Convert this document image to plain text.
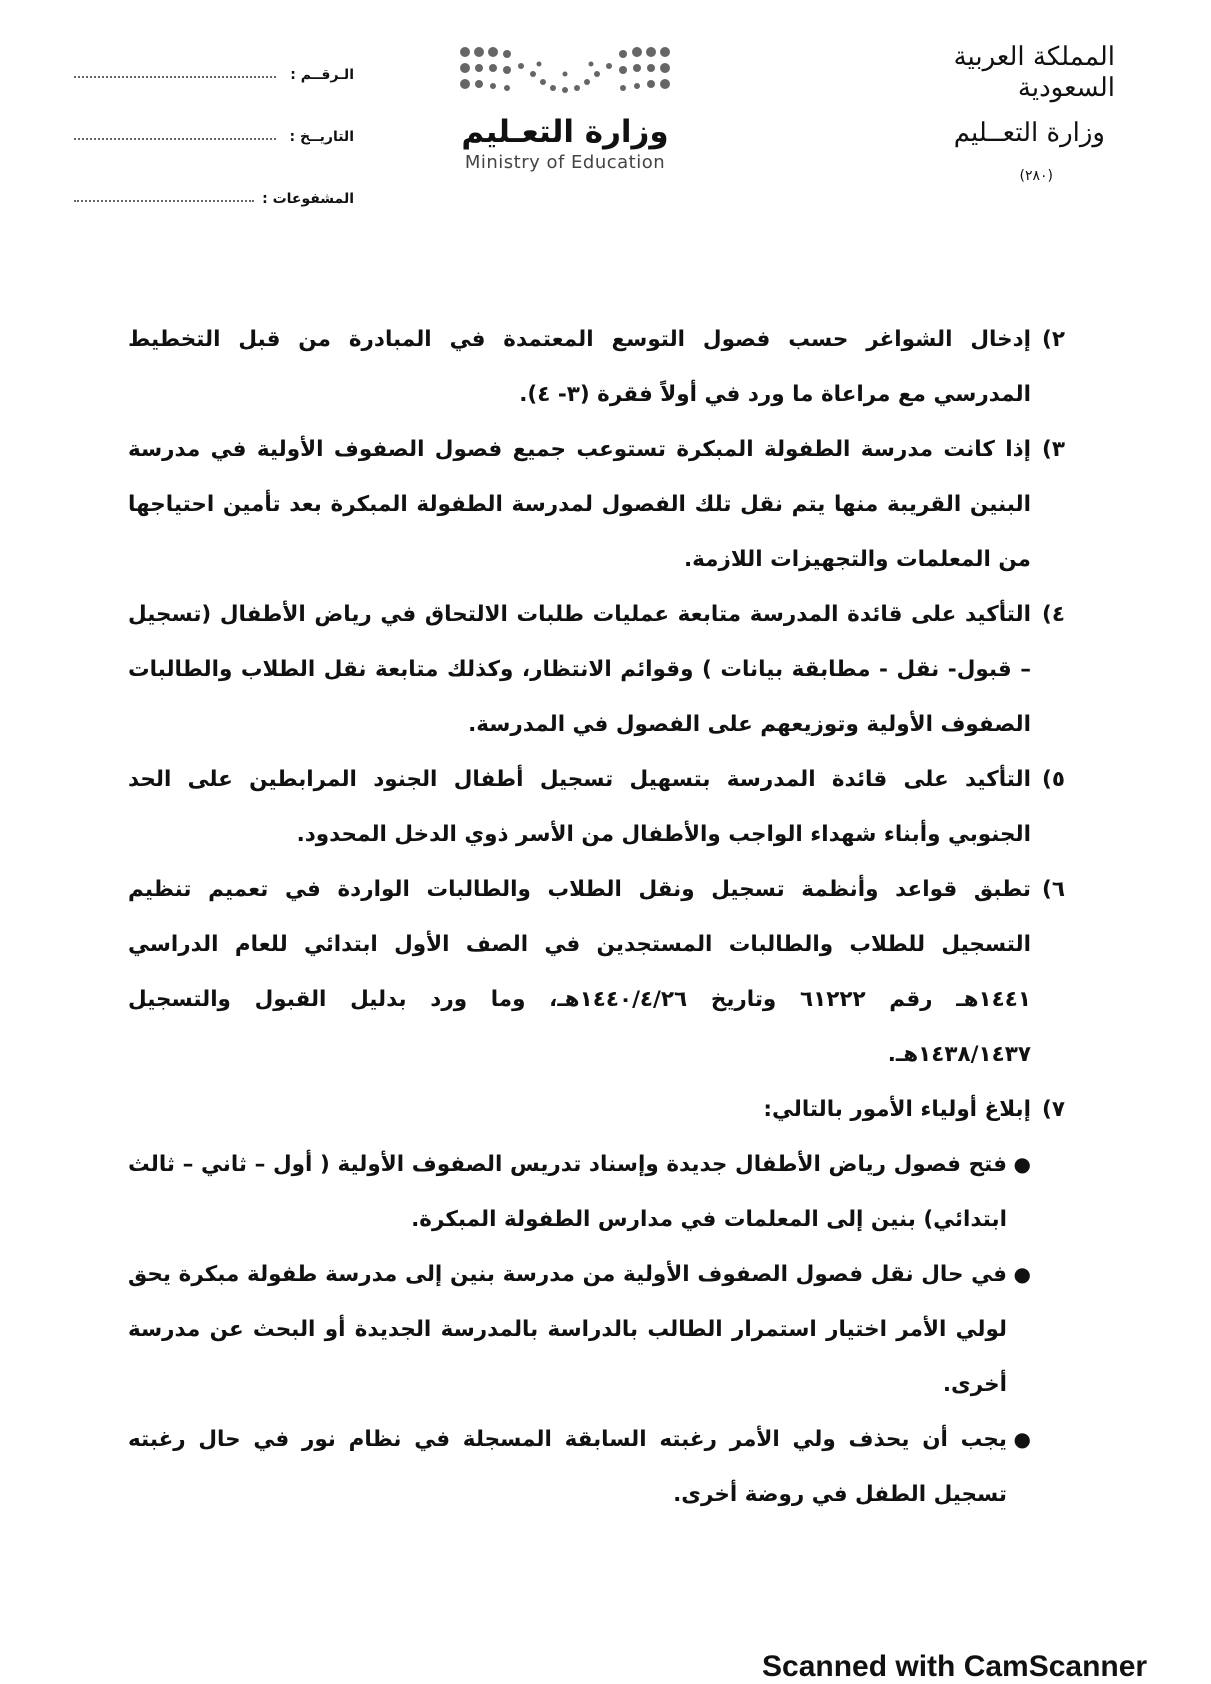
المملكة العربية السعودية
وزارة التعــليم
(٢٨٠)
وزارة التعـليم
Ministry of Education
الـرقــم :
التاريــخ :
المشفوعات :
٢)
إدخال الشواغر حسب فصول التوسع المعتمدة في المبادرة من قبل التخطيط المدرسي مع مراعاة ما ورد في أولاً فقرة (٣- ٤).
٣)
إذا كانت مدرسة الطفولة المبكرة تستوعب جميع فصول الصفوف الأولية في مدرسة البنين القريبة منها يتم نقل تلك الفصول لمدرسة الطفولة المبكرة بعد تأمين احتياجها من المعلمات والتجهيزات اللازمة.
٤)
التأكيد على قائدة المدرسة متابعة عمليات طلبات الالتحاق في رياض الأطفال (تسجيل – قبول- نقل - مطابقة بيانات ) وقوائم الانتظار، وكذلك متابعة نقل الطلاب والطالبات الصفوف الأولية وتوزيعهم على الفصول في المدرسة.
٥)
التأكيد على قائدة المدرسة بتسهيل تسجيل أطفال الجنود المرابطين على الحد الجنوبي وأبناء شهداء الواجب والأطفال من الأسر ذوي الدخل المحدود.
٦)
تطبق قواعد وأنظمة تسجيل ونقل الطلاب والطالبات الواردة في تعميم تنظيم التسجيل للطلاب والطالبات المستجدين في الصف الأول ابتدائي للعام الدراسي ١٤٤١هـ رقم ٦١٢٢٢ وتاريخ ١٤٤٠/٤/٢٦هـ، وما ورد بدليل القبول والتسجيل ١٤٣٨/١٤٣٧هـ.
٧)
إبلاغ أولياء الأمور بالتالي:
●
فتح فصول رياض الأطفال جديدة وإسناد تدريس الصفوف الأولية ( أول – ثاني – ثالث ابتدائي) بنين إلى المعلمات في مدارس الطفولة المبكرة.
●
في حال نقل فصول الصفوف الأولية من مدرسة بنين إلى مدرسة طفولة مبكرة يحق لولي الأمر اختيار استمرار الطالب بالدراسة بالمدرسة الجديدة أو البحث عن مدرسة أخرى.
●
يجب أن يحذف ولي الأمر رغبته السابقة المسجلة في نظام نور في حال رغبته تسجيل الطفل في روضة أخرى.
Scanned with CamScanner
